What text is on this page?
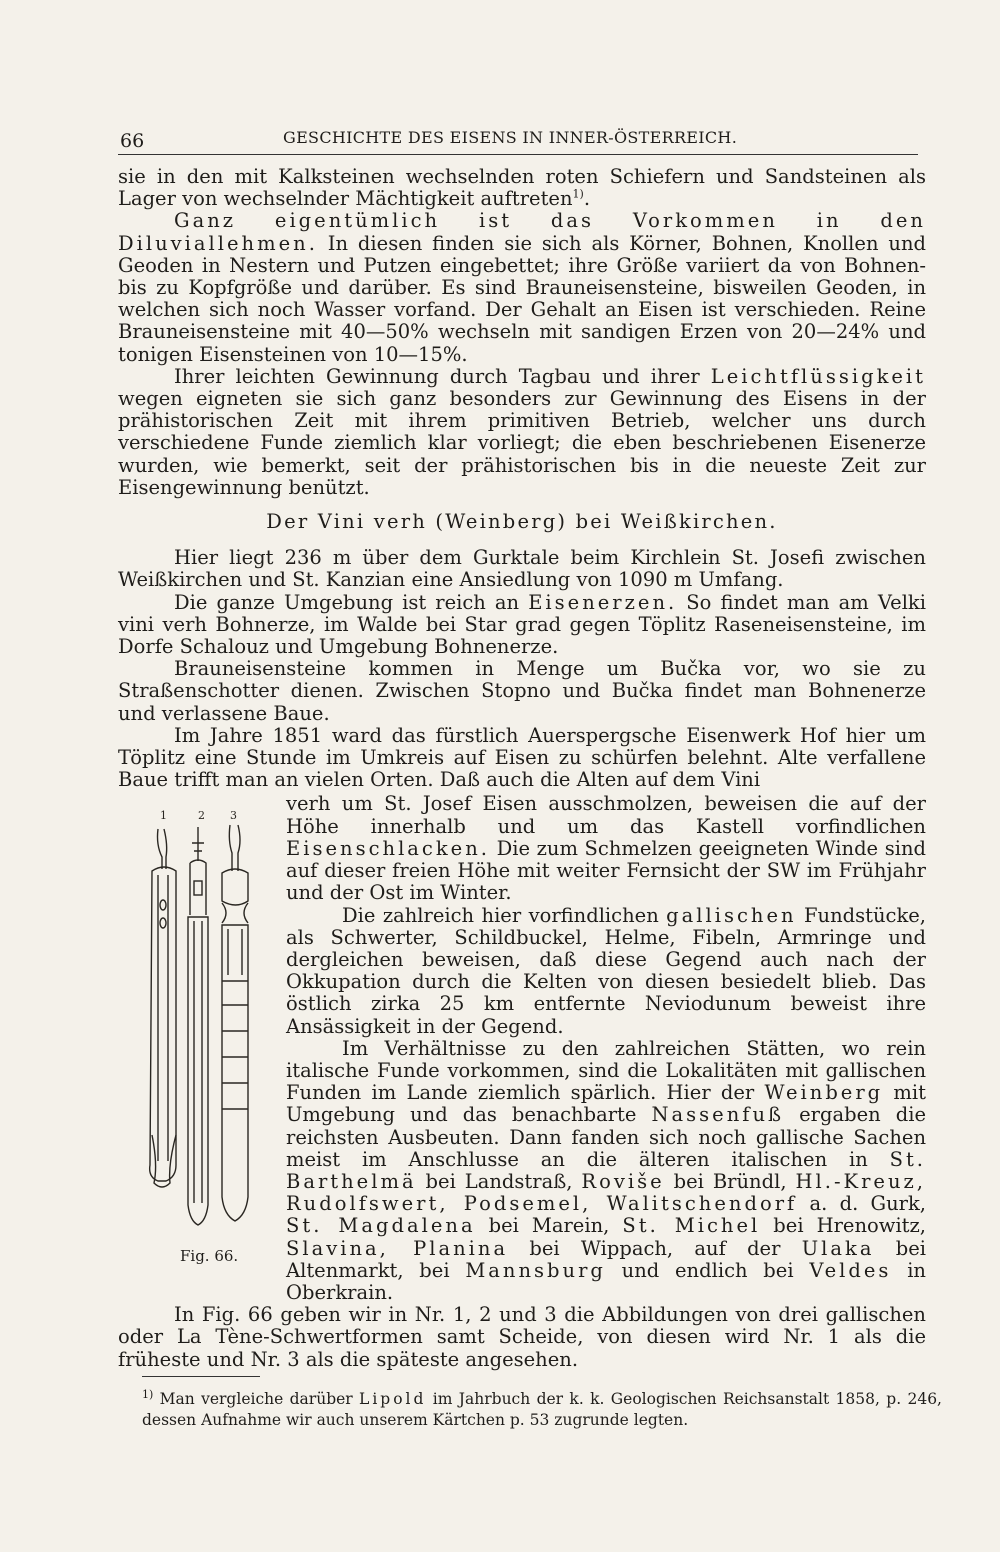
66	GESCHICHTE DES EISENS IN INNER-ÖSTERREICH.

sie in den mit Kalksteinen wechselnden roten Schiefern und Sandsteinen als Lager von wechselnder Mächtigkeit auftreten$^{1)}$.

Ganz eigentümlich ist das Vorkommen in den Diluviallehmen. In diesen finden sie sich als Körner, Bohnen, Knollen und Geoden in Nestern und Putzen eingebettet; ihre Größe variiert da von Bohnen- bis zu Kopfgröße und darüber. Es sind Brauneisensteine, bisweilen Geoden, in welchen sich noch Wasser vorfand. Der Gehalt an Eisen ist verschieden. Reine Brauneisensteine mit 40—50% wechseln mit sandigen Erzen von 20—24% und tonigen Eisensteinen von 10—15%.

Ihrer leichten Gewinnung durch Tagbau und ihrer Leichtflüssigkeit wegen eigneten sie sich ganz besonders zur Gewinnung des Eisens in der prähistorischen Zeit mit ihrem primitiven Betrieb, welcher uns durch verschiedene Funde ziemlich klar vorliegt; die eben beschriebenen Eisenerze wurden, wie bemerkt, seit der prähistorischen bis in die neueste Zeit zur Eisengewinnung benützt.

Der Vini verh (Weinberg) bei Weißkirchen.

Hier liegt 236 m über dem Gurktale beim Kirchlein St. Josefi zwischen Weißkirchen und St. Kanzian eine Ansiedlung von 1090 m Umfang.

Die ganze Umgebung ist reich an Eisenerzen. So findet man am Velki vini verh Bohnerze, im Walde bei Star grad gegen Töplitz Raseneisensteine, im Dorfe Schalouz und Umgebung Bohnenerze.

Brauneisensteine kommen in Menge um Bučka vor, wo sie zu Straßenschotter dienen. Zwischen Stopno und Bučka findet man Bohnenerze und verlassene Baue.

Im Jahre 1851 ward das fürstlich Auerspergsche Eisenwerk Hof hier um Töplitz eine Stunde im Umkreis auf Eisen zu schürfen belehnt. Alte verfallene Baue trifft man an vielen Orten. Daß auch die Alten auf dem Vini

1	2 3
Fig. 66.

verh um St. Josef Eisen ausschmolzen, beweisen die auf der Höhe innerhalb und um das Kastell vorfindlichen Eisenschlacken. Die zum Schmelzen geeigneten Winde sind auf dieser freien Höhe mit weiter Fernsicht der SW im Frühjahr und der Ost im Winter.

Die zahlreich hier vorfindlichen gallischen Fundstücke, als Schwerter, Schildbuckel, Helme, Fibeln, Armringe und dergleichen beweisen, daß diese Gegend auch nach der Okkupation durch die Kelten von diesen besiedelt blieb. Das östlich zirka 25 km entfernte Neviodunum beweist ihre Ansässigkeit in der Gegend.

Im Verhältnisse zu den zahlreichen Stätten, wo rein italische Funde vorkommen, sind die Lokalitäten mit gallischen Funden im Lande ziemlich spärlich. Hier der Weinberg mit Umgebung und das benachbarte Nassenfuß ergaben die reichsten Ausbeuten. Dann fanden sich noch gallische Sachen meist im Anschlusse an die älteren italischen in St. Barthelmä bei Landstraß, Roviše bei Bründl, Hl.-Kreuz, Rudolfswert, Podsemel, Walitschendorf a. d. Gurk, St. Magdalena bei Marein, St. Michel bei Hrenowitz, Slavina, Planina bei Wippach, auf der Ulaka bei Altenmarkt, bei Mannsburg und endlich bei Veldes in Oberkrain.

In Fig. 66 geben wir in Nr. 1, 2 und 3 die Abbildungen von drei gallischen oder La Tène-Schwertformen samt Scheide, von diesen wird Nr. 1 als die früheste und Nr. 3 als die späteste angesehen.

$^{1)}$ Man vergleiche darüber Lipold im Jahrbuch der k. k. Geologischen Reichsanstalt 1858, p. 246, dessen Aufnahme wir auch unserem Kärtchen p. 53 zugrunde legten.
